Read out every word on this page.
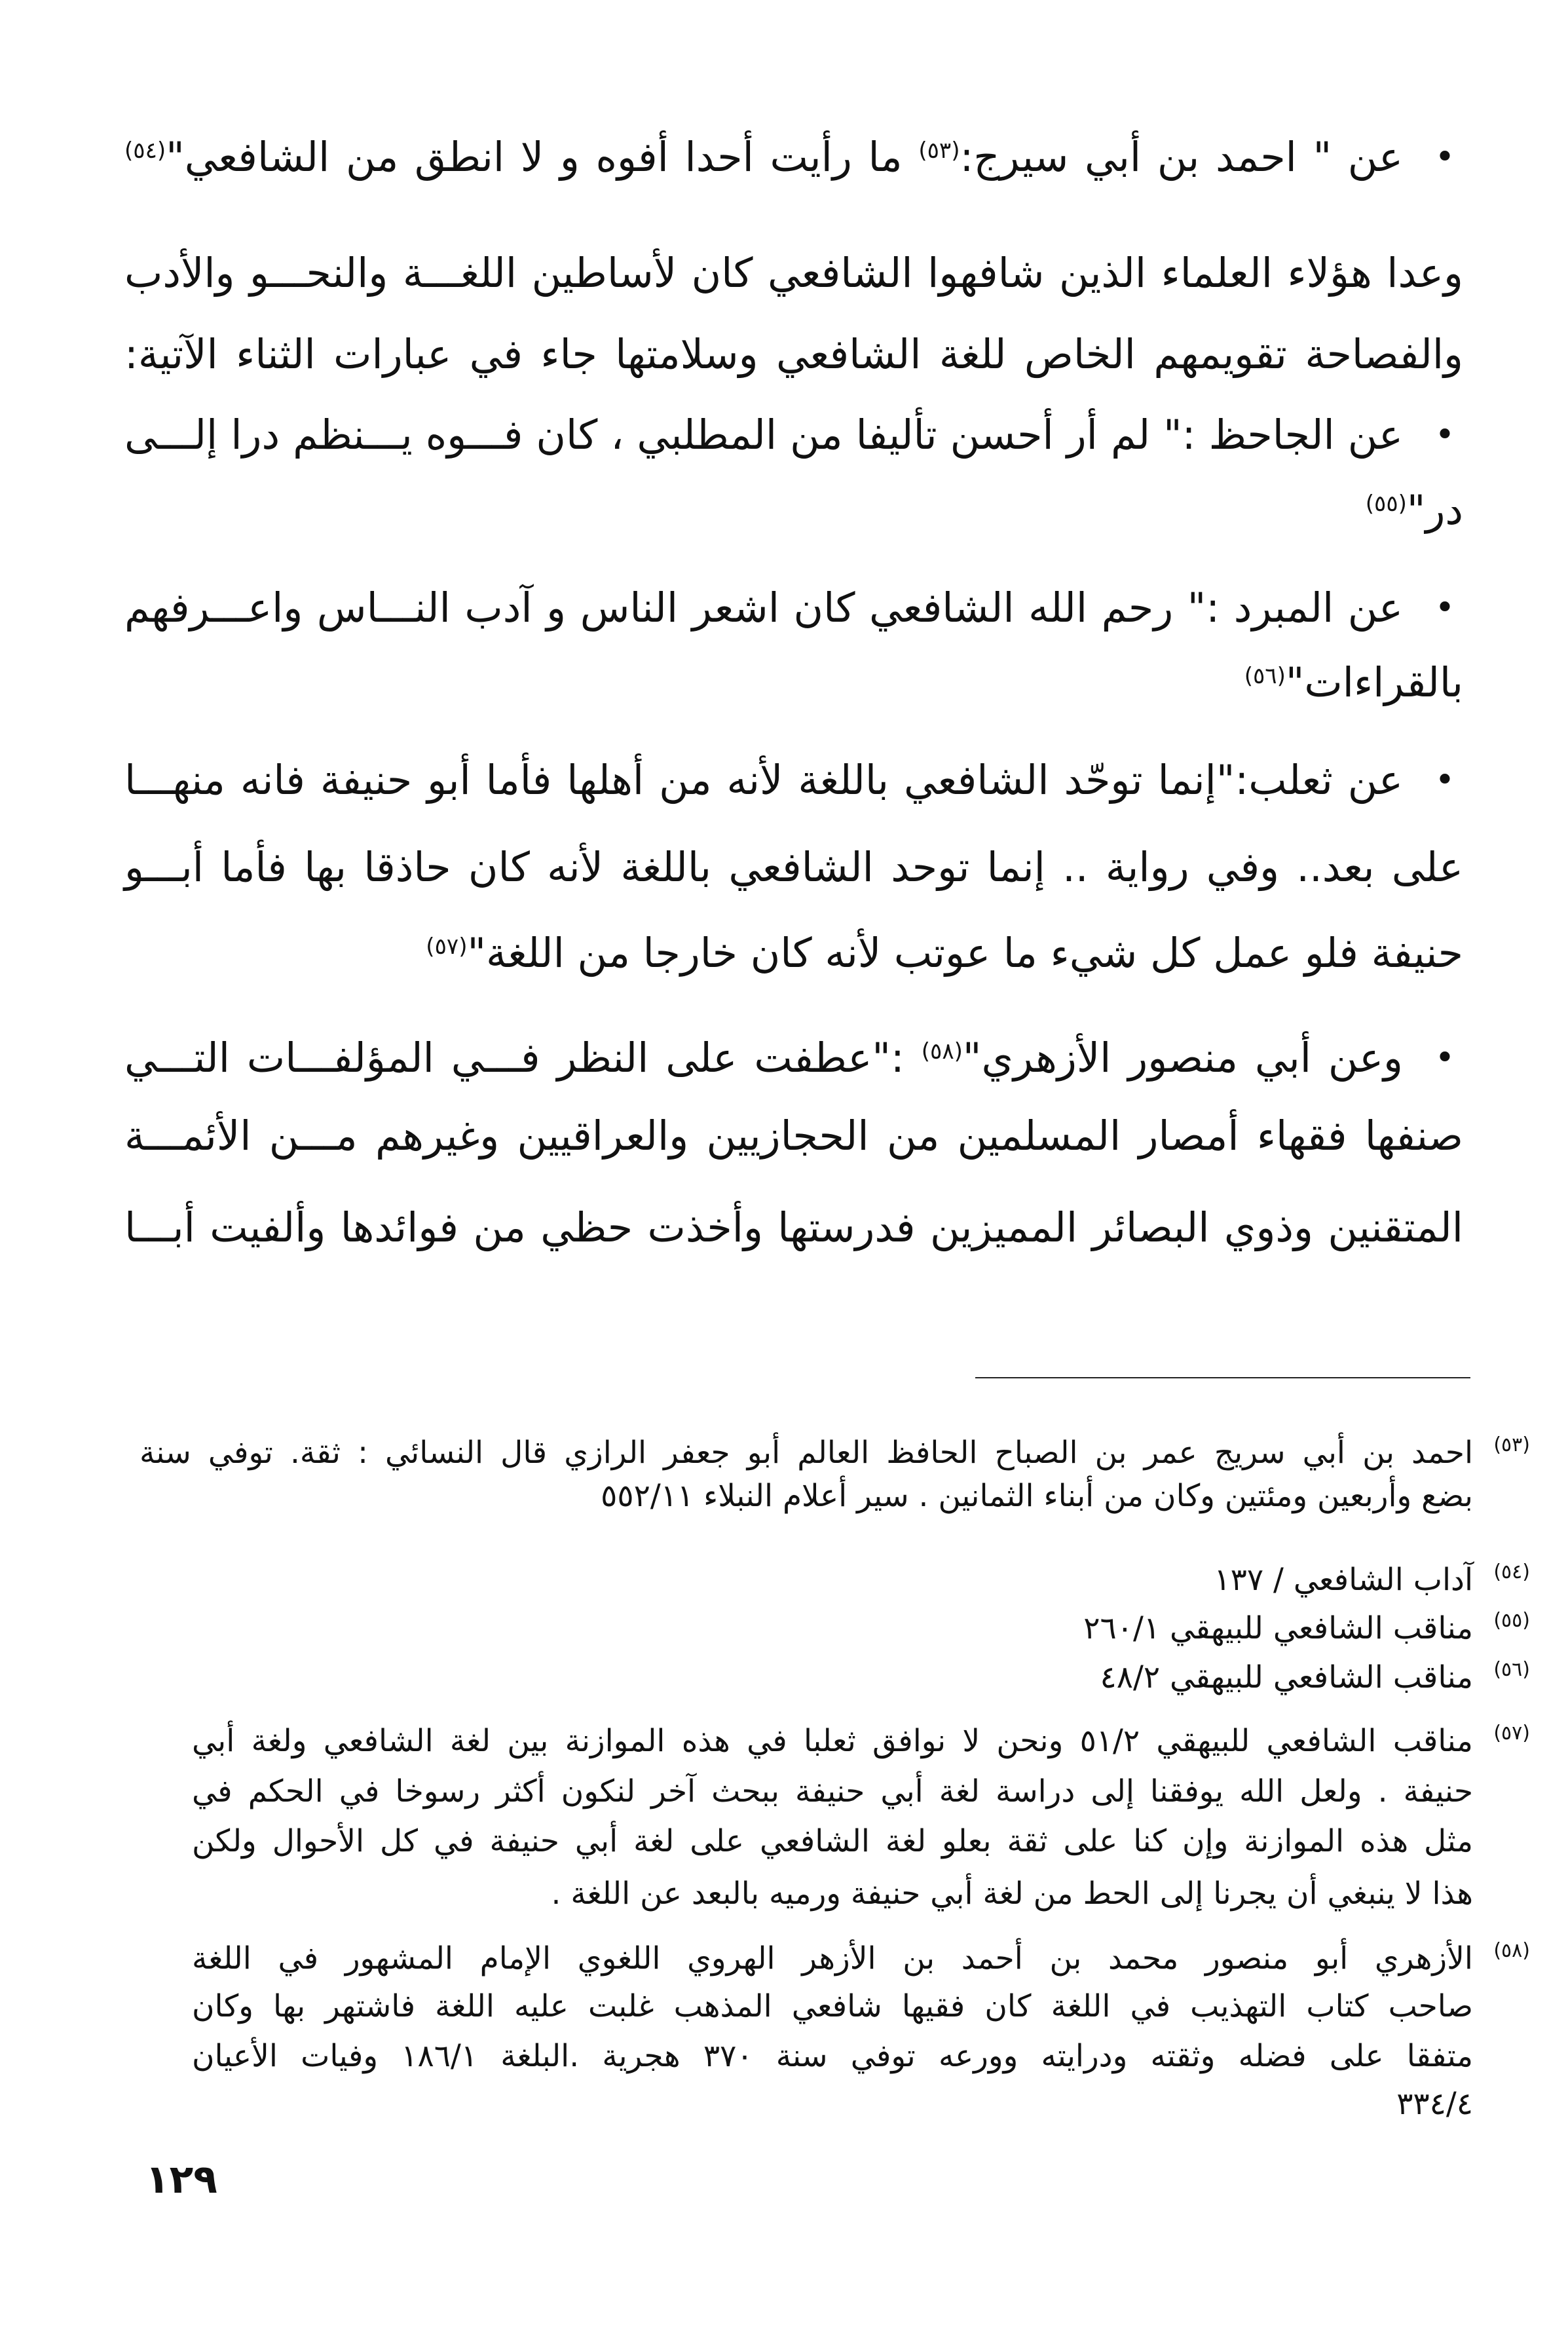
•
عن " احمد بن أبي سيرج:$^{(٥٣)}$ ما رأيت أحدا أفوه و لا انطق من الشافعي"$^{(٥٤)}$
وعدا هؤلاء العلماء الذين شافهوا الشافعي كان لأساطين اللغـــة والنحـــو والأدب
والفصاحة تقويمهم الخاص للغة الشافعي وسلامتها جاء في عبارات الثناء الآتية:
•
عن الجاحظ :" لم أر أحسن تأليفا من المطلبي ، كان فـــوه يـــنظم درا إلـــى
در"$^{(٥٥)}$
•
عن المبرد :" رحم الله الشافعي كان اشعر الناس و آدب النـــاس واعـــرفهم
بالقراءات"$^{(٥٦)}$
•
عن ثعلب:"إنما توحّد الشافعي باللغة لأنه من أهلها فأما أبو حنيفة فانه منهـــا
على بعد.. وفي رواية .. إنما توحد الشافعي باللغة لأنه كان حاذقا بها فأما أبـــو
حنيفة فلو عمل كل شيء ما عوتب لأنه كان خارجا من اللغة"$^{(٥٧)}$
•
وعن أبي منصور الأزهري"$^{(٥٨)}$ :"عطفت على النظر فـــي المؤلفـــات التـــي
صنفها فقهاء أمصار المسلمين من الحجازيين والعراقيين وغيرهم مـــن الأئمـــة
المتقنين وذوي البصائر المميزين فدرستها وأخذت حظي من فوائدها وألفيت أبـــا
(٥٣)
احمد بن أبي سريج عمر بن الصباح الحافظ العالم أبو جعفر الرازي قال النسائي : ثقة. توفي سنة
بضع وأربعين ومئتين وكان من أبناء الثمانين . سير أعلام النبلاء ٥٥٢/١١
(٥٤)
آداب الشافعي / ١٣٧
(٥٥)
مناقب الشافعي للبيهقي ٢٦٠/١
(٥٦)
مناقب الشافعي للبيهقي ٤٨/٢
(٥٧)
مناقب الشافعي للبيهقي ٥١/٢ ونحن لا نوافق ثعلبا في هذه الموازنة بين لغة الشافعي ولغة أبي
حنيفة . ولعل الله يوفقنا إلى دراسة لغة أبي حنيفة ببحث آخر لنكون أكثر رسوخا في الحكم في
مثل هذه الموازنة وإن كنا على ثقة بعلو لغة الشافعي على لغة أبي حنيفة في كل الأحوال ولكن
هذا لا ينبغي أن يجرنا إلى الحط من لغة أبي حنيفة ورميه بالبعد عن اللغة .
(٥٨)
الأزهري أبو منصور محمد بن أحمد بن الأزهر الهروي اللغوي الإمام المشهور في اللغة
صاحب كتاب التهذيب في اللغة كان فقيها شافعي المذهب غلبت عليه اللغة فاشتهر بها وكان
متفقا على فضله وثقته ودرايته وورعه توفي سنة ٣٧٠ هجرية .البلغة ١٨٦/١ وفيات الأعيان
٣٣٤/٤
١٢٩
